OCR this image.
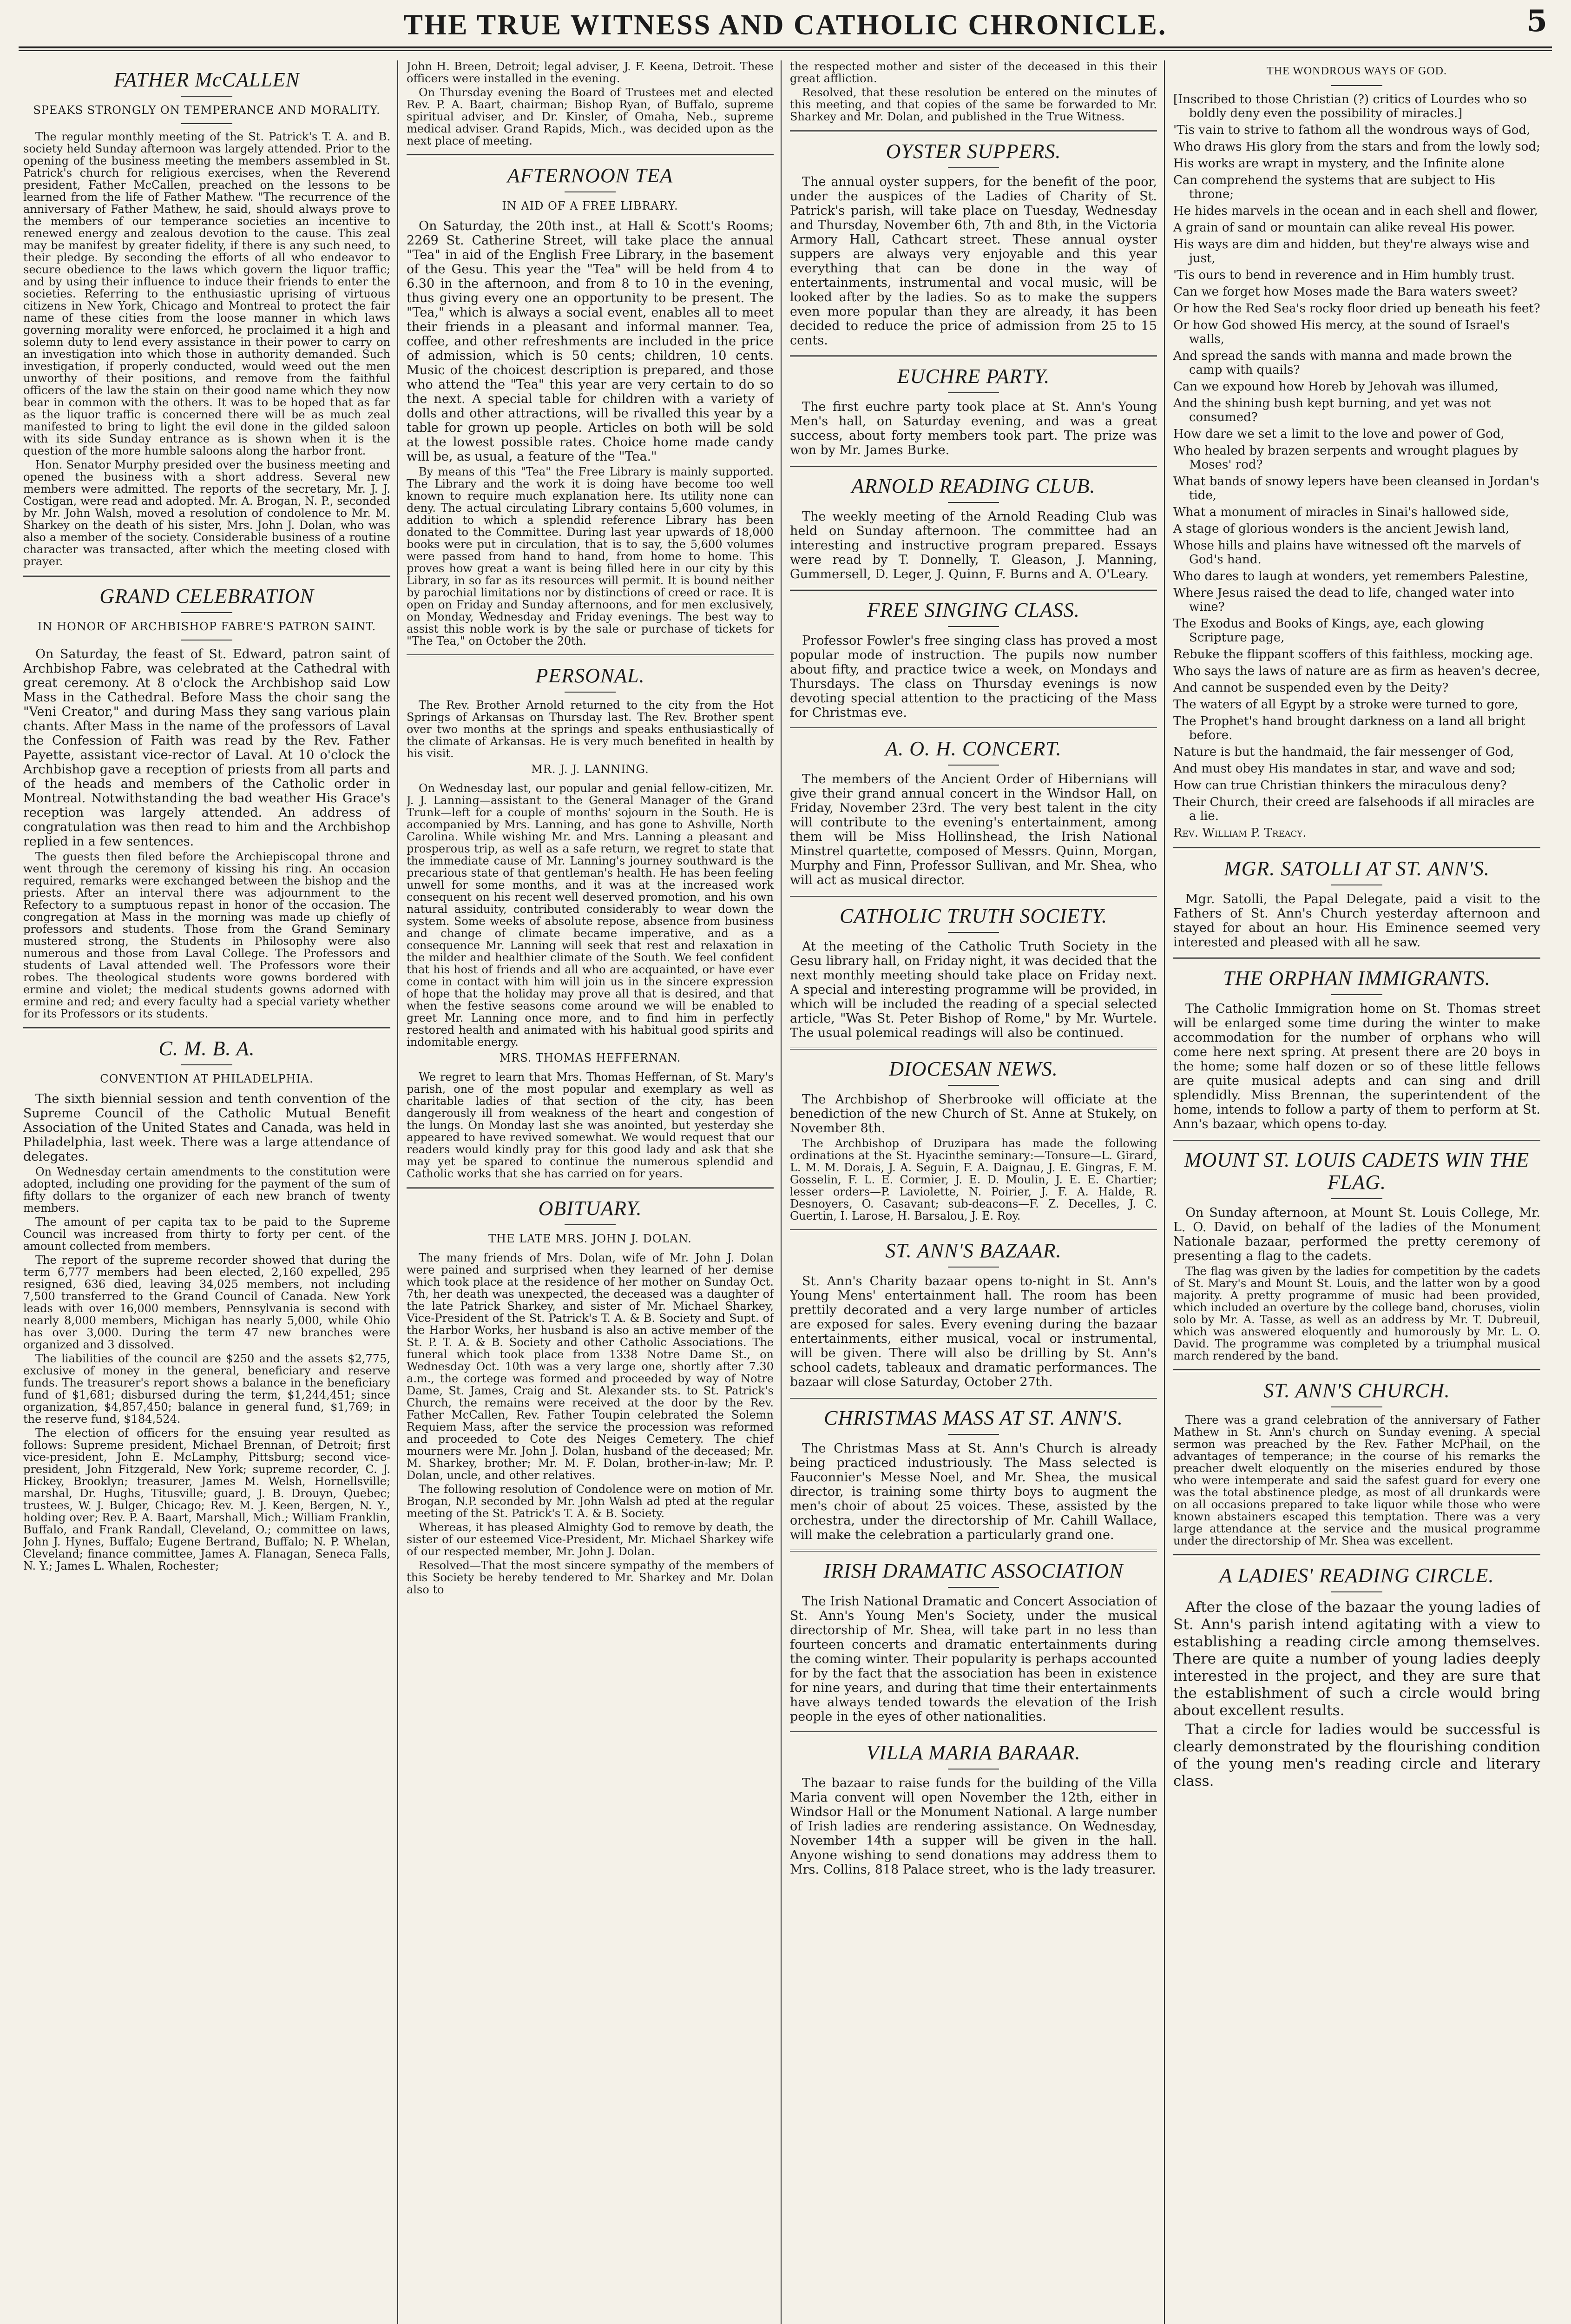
THE TRUE WITNESS AND CATHOLIC CHRONICLE.	5
FATHER McCALLEN
SPEAKS STRONGLY ON TEMPERANCE AND MORALITY.

The regular monthly meeting of the St. Patrick's T. A. and B. society held Sunday afternoon was largely attended. Prior to the opening of the business meeting the members assembled in St. Patrick's church for religious exercises, when the Reverend president, Father McCallen, preached on the lessons to be learned from the life of Father Mathew. "The recurrence of the anniversary of Father Mathew, he said, should always prove to the members of our temperance societies an incentive to renewed energy and zealous devotion to the cause. This zeal may be manifest by greater fidelity, if there is any such need, to their pledge. By seconding the efforts of all who endeavor to secure obedience to the laws which govern the liquor traffic; and by using their influence to induce their friends to enter the societies. Referring to the enthusiastic uprising of virtuous citizens in New York, Chicago and Montreal to protect the fair name of these cities from the loose manner in which laws governing morality were enforced, he proclaimed it a high and solemn duty to lend every assistance in their power to carry on an investigation into which those in authority demanded. Such investigation, if properly conducted, would weed out the men unworthy of their positions, and remove from the faithful officers of the law the stain on their good name which they now bear in common with the others. It was to be hoped that as far as the liquor traffic is concerned there will be as much zeal manifested to bring to light the evil done in the gilded saloon with its side Sunday entrance as is shown when it is the question of the more humble saloons along the harbor front.

Hon. Senator Murphy presided over the business meeting and opened the business with a short address. Several new members were admitted. The reports of the secretary, Mr. J. J. Costigan, were read and adopted. Mr. A. Brogan, N. P., seconded by Mr. John Walsh, moved a resolution of condolence to Mr. M. Sharkey on the death of his sister, Mrs. John J. Dolan, who was also a member of the society. Considerable business of a routine character was transacted, after which the meeting closed with prayer.

GRAND CELEBRATION
IN HONOR OF ARCHBISHOP FABRE'S PATRON SAINT.

On Saturday, the feast of St. Edward, patron saint of Archbishop Fabre, was celebrated at the Cathedral with great ceremony. At 8 o'clock the Archbishop said Low Mass in the Cathedral. Before Mass the choir sang the "Veni Creator," and during Mass they sang various plain chants. After Mass in the name of the professors of Laval the Confession of Faith was read by the Rev. Father Payette, assistant vice-rector of Laval. At 10 o'clock the Archbishop gave a reception of priests from all parts and of the heads and members of the Catholic order in Montreal. Notwithstanding the bad weather His Grace's reception was largely attended. An address of congratulation was then read to him and the Archbishop replied in a few sentences.

The guests then filed before the Archiepiscopal throne and went through the ceremony of kissing his ring. An occasion required, remarks were exchanged between the bishop and the priests. After an interval there was adjournment to the Refectory to a sumptuous repast in honor of the occasion. The congregation at Mass in the morning was made up chiefly of professors and students. Those from the Grand Seminary mustered strong, the Students in Philosophy were also numerous and those from Laval College. The Professors and students of Laval attended well. The Professors wore their robes. The theological students wore gowns bordered with ermine and violet; the medical students gowns adorned with ermine and red; and every faculty had a special variety whether for its Professors or its students.

C. M. B. A.
CONVENTION AT PHILADELPHIA.

The sixth biennial session and tenth convention of the Supreme Council of the Catholic Mutual Benefit Association of the United States and Canada, was held in Philadelphia, last week. There was a large attendance of delegates.

On Wednesday certain amendments to the constitution were adopted, including one providing for the payment of the sum of fifty dollars to the organizer of each new branch of twenty members.

The amount of per capita tax to be paid to the Supreme Council was increased from thirty to forty per cent. of the amount collected from members.

The report of the supreme recorder showed that during the term 6,777 members had been elected, 2,160 expelled, 295 resigned, 636 died, leaving 34,025 members, not including 7,500 transferred to the Grand Council of Canada. New York leads with over 16,000 members, Pennsylvania is second with nearly 8,000 members, Michigan has nearly 5,000, while Ohio has over 3,000. During the term 47 new branches were organized and 3 dissolved.

The liabilities of the council are $250 and the assets $2,775, exclusive of money in the general, beneficiary and reserve funds. The treasurer's report shows a balance in the beneficiary fund of $1,681; disbursed during the term, $1,244,451; since organization, $4,857,450; balance in general fund, $1,769; in the reserve fund, $184,524.

The election of officers for the ensuing year resulted as follows: Supreme president, Michael Brennan, of Detroit; first vice-president, John E. McLamphy, Pittsburg; second vice-president, John Fitzgerald, New York; supreme recorder, C. J. Hickey, Brooklyn; treasurer, James M. Welsh, Hornellsville; marshal, Dr. Hughs, Titusville; guard, J. B. Drouyn, Quebec; trustees, W. J. Bulger, Chicago; Rev. M. J. Keen, Bergen, N. Y., holding over; Rev. P. A. Baart, Marshall, Mich.; William Franklin, Buffalo, and Frank Randall, Cleveland, O.; committee on laws, John J. Hynes, Buffalo; Eugene Bertrand, Buffalo; N. P. Whelan, Cleveland; finance committee, James A. Flanagan, Seneca Falls, N. Y.; James L. Whalen, Rochester;

John H. Breen, Detroit; legal adviser, J. F. Keena, Detroit. These officers were installed in the evening.

On Thursday evening the Board of Trustees met and elected Rev. P. A. Baart, chairman; Bishop Ryan, of Buffalo, supreme spiritual adviser, and Dr. Kinsler, of Omaha, Neb., supreme medical adviser. Grand Rapids, Mich., was decided upon as the next place of meeting.

AFTERNOON TEA
IN AID OF A FREE LIBRARY.

On Saturday, the 20th inst., at Hall & Scott's Rooms; 2269 St. Catherine Street, will take place the annual "Tea" in aid of the English Free Library, in the basement of the Gesu. This year the "Tea" will be held from 4 to 6.30 in the afternoon, and from 8 to 10 in the evening, thus giving every one an opportunity to be present. The "Tea," which is always a social event, enables all to meet their friends in a pleasant and informal manner. Tea, coffee, and other refreshments are included in the price of admission, which is 50 cents; children, 10 cents. Music of the choicest description is prepared, and those who attend the "Tea" this year are very certain to do so the next. A special table for children with a variety of dolls and other attractions, will be rivalled this year by a table for grown up people. Articles on both will be sold at the lowest possible rates. Choice home made candy will be, as usual, a feature of the "Tea."

By means of this "Tea" the Free Library is mainly supported. The Library and the work it is doing have become too well known to require much explanation here. Its utility none can deny. The actual circulating Library contains 5,600 volumes, in addition to which a splendid reference Library has been donated to the Committee. During last year upwards of 18,000 books were put in circulation, that is to say, the 5,600 volumes were passed from hand to hand, from home to home. This proves how great a want is being filled here in our city by this Library, in so far as its resources will permit. It is bound neither by parochial limitations nor by distinctions of creed or race. It is open on Friday and Sunday afternoons, and for men exclusively, on Monday, Wednesday and Friday evenings. The best way to assist this noble work is by the sale or purchase of tickets for "The Tea," on October the 20th.

PERSONAL.

The Rev. Brother Arnold returned to the city from the Hot Springs of Arkansas on Thursday last. The Rev. Brother spent over two months at the springs and speaks enthusiastically of the climate of Arkansas. He is very much benefited in health by his visit.

MR. J. J. LANNING.

On Wednesday last, our popular and genial fellow-citizen, Mr. J. J. Lanning—assistant to the General Manager of the Grand Trunk—left for a couple of months' sojourn in the South. He is accompanied by Mrs. Lanning, and has gone to Ashville, North Carolina. While wishing Mr. and Mrs. Lanning a pleasant and prosperous trip, as well as a safe return, we regret to state that the immediate cause of Mr. Lanning's journey southward is the precarious state of that gentleman's health. He has been feeling unwell for some months, and it was at the increased work consequent on his recent well deserved promotion, and his own natural assiduity, contributed considerably to wear down the system. Some weeks of absolute repose, absence from business and change of climate became imperative, and as a consequence Mr. Lanning will seek that rest and relaxation in the milder and healthier climate of the South. We feel confident that his host of friends and all who are acquainted, or have ever come in contact with him will join us in the sincere expression of hope that the holiday may prove all that is desired, and that when the festive seasons come around we will be enabled to greet Mr. Lanning once more, and to find him in perfectly restored health and animated with his habitual good spirits and indomitable energy.

MRS. THOMAS HEFFERNAN.

We regret to learn that Mrs. Thomas Heffernan, of St. Mary's parish, one of the most popular and exemplary as well as charitable ladies of that section of the city, has been dangerously ill from weakness of the heart and congestion of the lungs. On Monday last she was anointed, but yesterday she appeared to have revived somewhat. We would request that our readers would kindly pray for this good lady and ask that she may yet be spared to continue the numerous splendid and Catholic works that she has carried on for years.

OBITUARY.
THE LATE MRS. JOHN J. DOLAN.

The many friends of Mrs. Dolan, wife of Mr. John J. Dolan were pained and surprised when they learned of her demise which took place at the residence of her mother on Sunday Oct. 7th, her death was unexpected, the deceased was a daughter of the late Patrick Sharkey, and sister of Mr. Michael Sharkey, Vice-President of the St. Patrick's T. A. & B. Society and Supt. of the Harbor Works, her husband is also an active member of the St. P. T. A. & B. Society and other Catholic Associations. The funeral which took place from 1338 Notre Dame St., on Wednesday Oct. 10th was a very large one, shortly after 7.30 a.m., the cortege was formed and proceeded by way of Notre Dame, St. James, Craig and St. Alexander sts. to St. Patrick's Church, the remains were received at the door by the Rev. Father McCallen, Rev. Father Toupin celebrated the Solemn Requiem Mass, after the service the procession was reformed and proceeded to Cote des Neiges Cemetery. The chief mourners were Mr. John J. Dolan, husband of the deceased; Mr. M. Sharkey, brother; Mr. M. F. Dolan, brother-in-law; Mr. P. Dolan, uncle, and other relatives.

The following resolution of Condolence were on motion of Mr. Brogan, N.P. seconded by Mr. John Walsh ad pted at the regular meeting of the St. Patrick's T. A. & B. Society.

Whereas, it has pleased Almighty God to remove by death, the sister of our esteemed Vice-President, Mr. Michael Sharkey wife of our respected member, Mr. John J. Dolan.

Resolved—That the most sincere sympathy of the members of this Society be hereby tendered to Mr. Sharkey and Mr. Dolan also to

the respected mother and sister of the deceased in this their great affliction.

Resolved, that these resolution be entered on the minutes of this meeting, and that copies of the same be forwarded to Mr. Sharkey and Mr. Dolan, and published in the True Witness.

OYSTER SUPPERS.

The annual oyster suppers, for the benefit of the poor, under the auspices of the Ladies of Charity of St. Patrick's parish, will take place on Tuesday, Wednesday and Thursday, November 6th, 7th and 8th, in the Victoria Armory Hall, Cathcart street. These annual oyster suppers are always very enjoyable and this year everything that can be done in the way of entertainments, instrumental and vocal music, will be looked after by the ladies. So as to make the suppers even more popular than they are already, it has been decided to reduce the price of admission from 25 to 15 cents.

EUCHRE PARTY.

The first euchre party took place at St. Ann's Young Men's hall, on Saturday evening, and was a great success, about forty members took part. The prize was won by Mr. James Burke.

ARNOLD READING CLUB.

The weekly meeting of the Arnold Reading Club was held on Sunday afternoon. The committee had an interesting and instructive program prepared. Essays were read by T. Donnelly, T. Gleason, J. Manning, Gummersell, D. Leger, J. Quinn, F. Burns and A. O'Leary.

FREE SINGING CLASS.

Professor Fowler's free singing class has proved a most popular mode of instruction. The pupils now number about fifty, and practice twice a week, on Mondays and Thursdays. The class on Thursday evenings is now devoting special attention to the practicing of the Mass for Christmas eve.

A. O. H. CONCERT.

The members of the Ancient Order of Hibernians will give their grand annual concert in the Windsor Hall, on Friday, November 23rd. The very best talent in the city will contribute to the evening's entertainment, among them will be Miss Hollinshead, the Irish National Minstrel quartette, composed of Messrs. Quinn, Morgan, Murphy and Finn, Professor Sullivan, and Mr. Shea, who will act as musical director.

CATHOLIC TRUTH SOCIETY.

At the meeting of the Catholic Truth Society in the Gesu library hall, on Friday night, it was decided that the next monthly meeting should take place on Friday next. A special and interesting programme will be provided, in which will be included the reading of a special selected article, "Was St. Peter Bishop of Rome," by Mr. Wurtele. The usual polemical readings will also be continued.

DIOCESAN NEWS.

The Archbishop of Sherbrooke will officiate at the benediction of the new Church of St. Anne at Stukely, on November 8th.

The Archbishop of Druzipara has made the following ordinations at the St. Hyacinthe seminary:—Tonsure—L. Girard, L. M. M. Dorais, J. A. Seguin, F. A. Daignau, J. E. Gingras, F. M. Gosselin, F. L. E. Cormier, J. E. D. Moulin, J. E. E. Chartier; lesser orders—P. Laviolette, N. Poirier, J. F. A. Halde, R. Desnoyers, O. Casavant; sub-deacons—F. Z. Decelles, J. C. Guertin, I. Larose, H. Barsalou, J. E. Roy.

ST. ANN'S BAZAAR.

St. Ann's Charity bazaar opens to-night in St. Ann's Young Mens' entertainment hall. The room has been prettily decorated and a very large number of articles are exposed for sales. Every evening during the bazaar entertainments, either musical, vocal or instrumental, will be given. There will also be drilling by St. Ann's school cadets, tableaux and dramatic performances. The bazaar will close Saturday, October 27th.

CHRISTMAS MASS AT ST. ANN'S.

The Christmas Mass at St. Ann's Church is already being practiced industriously. The Mass selected is Fauconnier's Messe Noel, and Mr. Shea, the musical director, is training some thirty boys to augment the men's choir of about 25 voices. These, assisted by the orchestra, under the directorship of Mr. Cahill Wallace, will make the celebration a particularly grand one.

IRISH DRAMATIC ASSOCIATION

The Irish National Dramatic and Concert Association of St. Ann's Young Men's Society, under the musical directorship of Mr. Shea, will take part in no less than fourteen concerts and dramatic entertainments during the coming winter. Their popularity is perhaps accounted for by the fact that the association has been in existence for nine years, and during that time their entertainments have always tended towards the elevation of the Irish people in the eyes of other nationalities.

VILLA MARIA BARAAR.

The bazaar to raise funds for the building of the Villa Maria convent will open November the 12th, either in Windsor Hall or the Monument National. A large number of Irish ladies are rendering assistance. On Wednesday, November 14th a supper will be given in the hall. Anyone wishing to send donations may address them to Mrs. Collins, 818 Palace street, who is the lady treasurer.

THE WONDROUS WAYS OF GOD.

[Inscribed to those Christian (?) critics of Lourdes who so boldly deny even the possibility of miracles.]

'Tis vain to strive to fathom all the wondrous ways of God,

Who draws His glory from the stars and from the lowly sod;

His works are wrapt in mystery, and the Infinite alone

Can comprehend the systems that are subject to His throne;

He hides marvels in the ocean and in each shell and flower,

A grain of sand or mountain can alike reveal His power.

His ways are dim and hidden, but they're always wise and just,

'Tis ours to bend in reverence and in Him humbly trust.

Can we forget how Moses made the Bara waters sweet?

Or how the Red Sea's rocky floor dried up beneath his feet?

Or how God showed His mercy, at the sound of Israel's walls,

And spread the sands with manna and made brown the camp with quails?

Can we expound how Horeb by Jehovah was illumed,

And the shining bush kept burning, and yet was not consumed?

How dare we set a limit to the love and power of God,

Who healed by brazen serpents and wrought plagues by Moses' rod?

What bands of snowy lepers have been cleansed in Jordan's tide,

What a monument of miracles in Sinai's hallowed side,

A stage of glorious wonders is the ancient Jewish land,

Whose hills and plains have witnessed oft the marvels of God's hand.

Who dares to laugh at wonders, yet remembers Palestine,

Where Jesus raised the dead to life, changed water into wine?

The Exodus and Books of Kings, aye, each glowing Scripture page,

Rebuke the flippant scoffers of this faithless, mocking age.

Who says the laws of nature are as firm as heaven's decree,

And cannot be suspended even by the Deity?

The waters of all Egypt by a stroke were turned to gore,

The Prophet's hand brought darkness on a land all bright before.

Nature is but the handmaid, the fair messenger of God,

And must obey His mandates in star, and wave and sod;

How can true Christian thinkers the miraculous deny?

Their Church, their creed are falsehoods if all miracles are a lie.

Rev. William P. Treacy.

MGR. SATOLLI AT ST. ANN'S.

Mgr. Satolli, the Papal Delegate, paid a visit to the Fathers of St. Ann's Church yesterday afternoon and stayed for about an hour. His Eminence seemed very interested and pleased with all he saw.

THE ORPHAN IMMIGRANTS.

The Catholic Immigration home on St. Thomas street will be enlarged some time during the winter to make accommodation for the number of orphans who will come here next spring. At present there are 20 boys in the home; some half dozen or so of these little fellows are quite musical adepts and can sing and drill splendidly. Miss Brennan, the superintendent of the home, intends to follow a party of them to perform at St. Ann's bazaar, which opens to-day.

MOUNT ST. LOUIS CADETS WIN THE FLAG.

On Sunday afternoon, at Mount St. Louis College, Mr. L. O. David, on behalf of the ladies of the Monument Nationale bazaar, performed the pretty ceremony of presenting a flag to the cadets.

The flag was given by the ladies for competition by the cadets of St. Mary's and Mount St. Louis, and the latter won by a good majority. A pretty programme of music had been provided, which included an overture by the college band, choruses, violin solo by Mr. A. Tasse, as well as an address by Mr. T. Dubreuil, which was answered eloquently and humorously by Mr. L. O. David. The programme was completed by a triumphal musical march rendered by the band.

ST. ANN'S CHURCH.

There was a grand celebration of the anniversary of Father Mathew in St. Ann's church on Sunday evening. A special sermon was preached by the Rev. Father McPhail, on the advantages of temperance; in the course of his remarks the preacher dwelt eloquently on the miseries endured by those who were intemperate and said the safest guard for every one was the total abstinence pledge, as most of all drunkards were on all occasions prepared to take liquor while those who were known abstainers escaped this temptation. There was a very large attendance at the service and the musical programme under the directorship of Mr. Shea was excellent.

A LADIES' READING CIRCLE.

After the close of the bazaar the young ladies of St. Ann's parish intend agitating with a view to establishing a reading circle among themselves. There are quite a number of young ladies deeply interested in the project, and they are sure that the establishment of such a circle would bring about excellent results.

That a circle for ladies would be successful is clearly demonstrated by the flourishing condition of the young men's reading circle and literary class.
